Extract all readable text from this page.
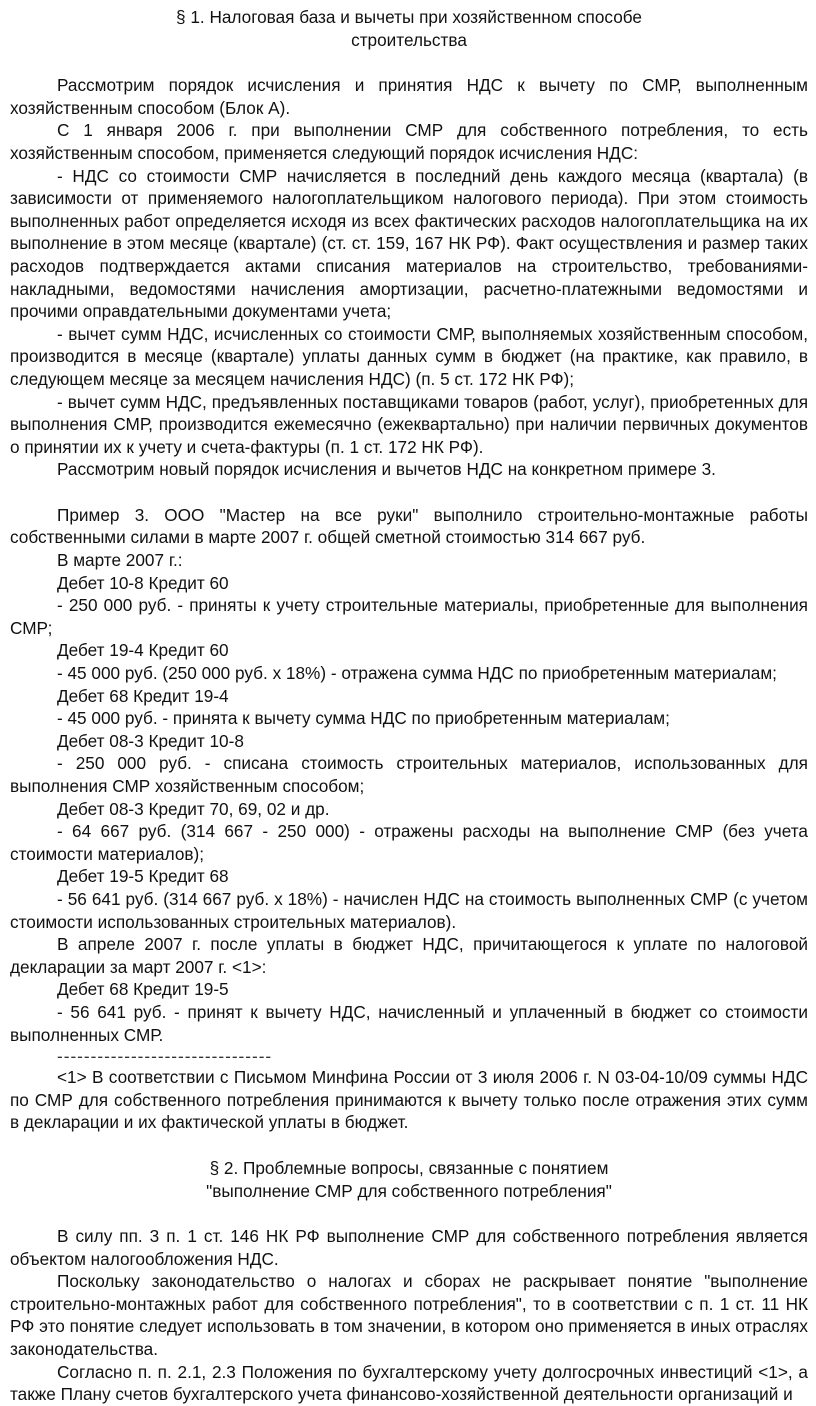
§ 1. Налоговая база и вычеты при хозяйственном способе
строительства

Рассмотрим порядок исчисления и принятия НДС к вычету по СМР, выполненным хозяйственным способом (Блок А).

С 1 января 2006 г. при выполнении СМР для собственного потребления, то есть хозяйственным способом, применяется следующий порядок исчисления НДС:

- НДС со стоимости СМР начисляется в последний день каждого месяца (квартала) (в зависимости от применяемого налогоплательщиком налогового периода). При этом стоимость выполненных работ определяется исходя из всех фактических расходов налогоплательщика на их выполнение в этом месяце (квартале) (ст. ст. 159, 167 НК РФ). Факт осуществления и размер таких расходов подтверждается актами списания материалов на строительство, требованиями-накладными, ведомостями начисления амортизации, расчетно-платежными ведомостями и прочими оправдательными документами учета;

- вычет сумм НДС, исчисленных со стоимости СМР, выполняемых хозяйственным способом, производится в месяце (квартале) уплаты данных сумм в бюджет (на практике, как правило, в следующем месяце за месяцем начисления НДС) (п. 5 ст. 172 НК РФ);

- вычет сумм НДС, предъявленных поставщиками товаров (работ, услуг), приобретенных для выполнения СМР, производится ежемесячно (ежеквартально) при наличии первичных документов о принятии их к учету и счета-фактуры (п. 1 ст. 172 НК РФ).

Рассмотрим новый порядок исчисления и вычетов НДС на конкретном примере 3.

Пример 3. ООО "Мастер на все руки" выполнило строительно-монтажные работы собственными силами в марте 2007 г. общей сметной стоимостью 314 667 руб.

В марте 2007 г.:

Дебет 10-8 Кредит 60

- 250 000 руб. - приняты к учету строительные материалы, приобретенные для выполнения СМР;

Дебет 19-4 Кредит 60

- 45 000 руб. (250 000 руб. x 18%) - отражена сумма НДС по приобретенным материалам;

Дебет 68 Кредит 19-4

- 45 000 руб. - принята к вычету сумма НДС по приобретенным материалам;

Дебет 08-3 Кредит 10-8

- 250 000 руб. - списана стоимость строительных материалов, использованных для выполнения СМР хозяйственным способом;

Дебет 08-3 Кредит 70, 69, 02 и др.

- 64 667 руб. (314 667 - 250 000) - отражены расходы на выполнение СМР (без учета стоимости материалов);

Дебет 19-5 Кредит 68

- 56 641 руб. (314 667 руб. x 18%) - начислен НДС на стоимость выполненных СМР (с учетом стоимости использованных строительных материалов).

В апреле 2007 г. после уплаты в бюджет НДС, причитающегося к уплате по налоговой декларации за март 2007 г. <1>:

Дебет 68 Кредит 19-5

- 56 641 руб. - принят к вычету НДС, начисленный и уплаченный в бюджет со стоимости выполненных СМР.

--------------------------------

<1> В соответствии с Письмом Минфина России от 3 июля 2006 г. N 03-04-10/09 суммы НДС по СМР для собственного потребления принимаются к вычету только после отражения этих сумм в декларации и их фактической уплаты в бюджет.

§ 2. Проблемные вопросы, связанные с понятием
"выполнение СМР для собственного потребления"

В силу пп. 3 п. 1 ст. 146 НК РФ выполнение СМР для собственного потребления является объектом налогообложения НДС.

Поскольку законодательство о налогах и сборах не раскрывает понятие "выполнение строительно-монтажных работ для собственного потребления", то в соответствии с п. 1 ст. 11 НК РФ это понятие следует использовать в том значении, в котором оно применяется в иных отраслях законодательства.

Согласно п. п. 2.1, 2.3 Положения по бухгалтерскому учету долгосрочных инвестиций <1>, а также Плану счетов бухгалтерского учета финансово-хозяйственной деятельности организаций и
